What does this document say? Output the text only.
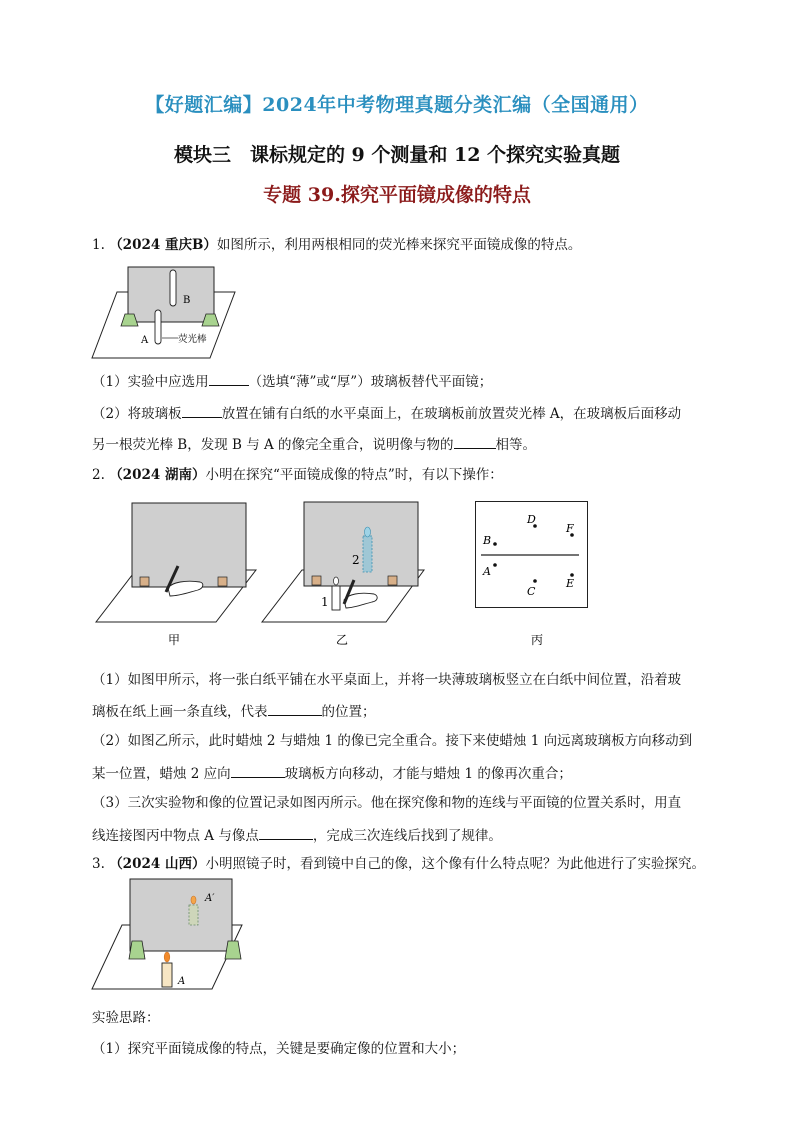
【好题汇编】2024年中考物理真题分类汇编（全国通用）
模块三　课标规定的 9 个测量和 12 个探究实验真题
专题 39.探究平面镜成像的特点
1. （2024 重庆B）如图所示，利用两根相同的荧光棒来探究平面镜成像的特点。
B
A	荧光棒
（1）实验中应选用	（选填“薄”或“厚”）玻璃板替代平面镜；
（2）将玻璃板	放置在铺有白纸的水平桌面上，在玻璃板前放置荧光棒 A，在玻璃板后面移动
另一根荧光棒 B，发现 B 与 A 的像完全重合，说明像与物的	相等。
2. （2024 湖南）小明在探究“平面镜成像的特点”时，有以下操作：
甲
2
1
乙
B
D
F
A
C
E
丙
（1）如图甲所示，将一张白纸平铺在水平桌面上，并将一块薄玻璃板竖立在白纸中间位置，沿着玻
璃板在纸上画一条直线，代表	的位置；
（2）如图乙所示，此时蜡烛 2 与蜡烛 1 的像已完全重合。接下来使蜡烛 1 向远离玻璃板方向移动到
某一位置，蜡烛 2 应向	玻璃板方向移动，才能与蜡烛 1 的像再次重合；
（3）三次实验物和像的位置记录如图丙所示。他在探究像和物的连线与平面镜的位置关系时，用直
线连接图丙中物点 A 与像点	，完成三次连线后找到了规律。
3. （2024 山西）小明照镜子时，看到镜中自己的像，这个像有什么特点呢？为此他进行了实验探究。
A′
A
实验思路：
（1）探究平面镜成像的特点，关键是要确定像的位置和大小；
